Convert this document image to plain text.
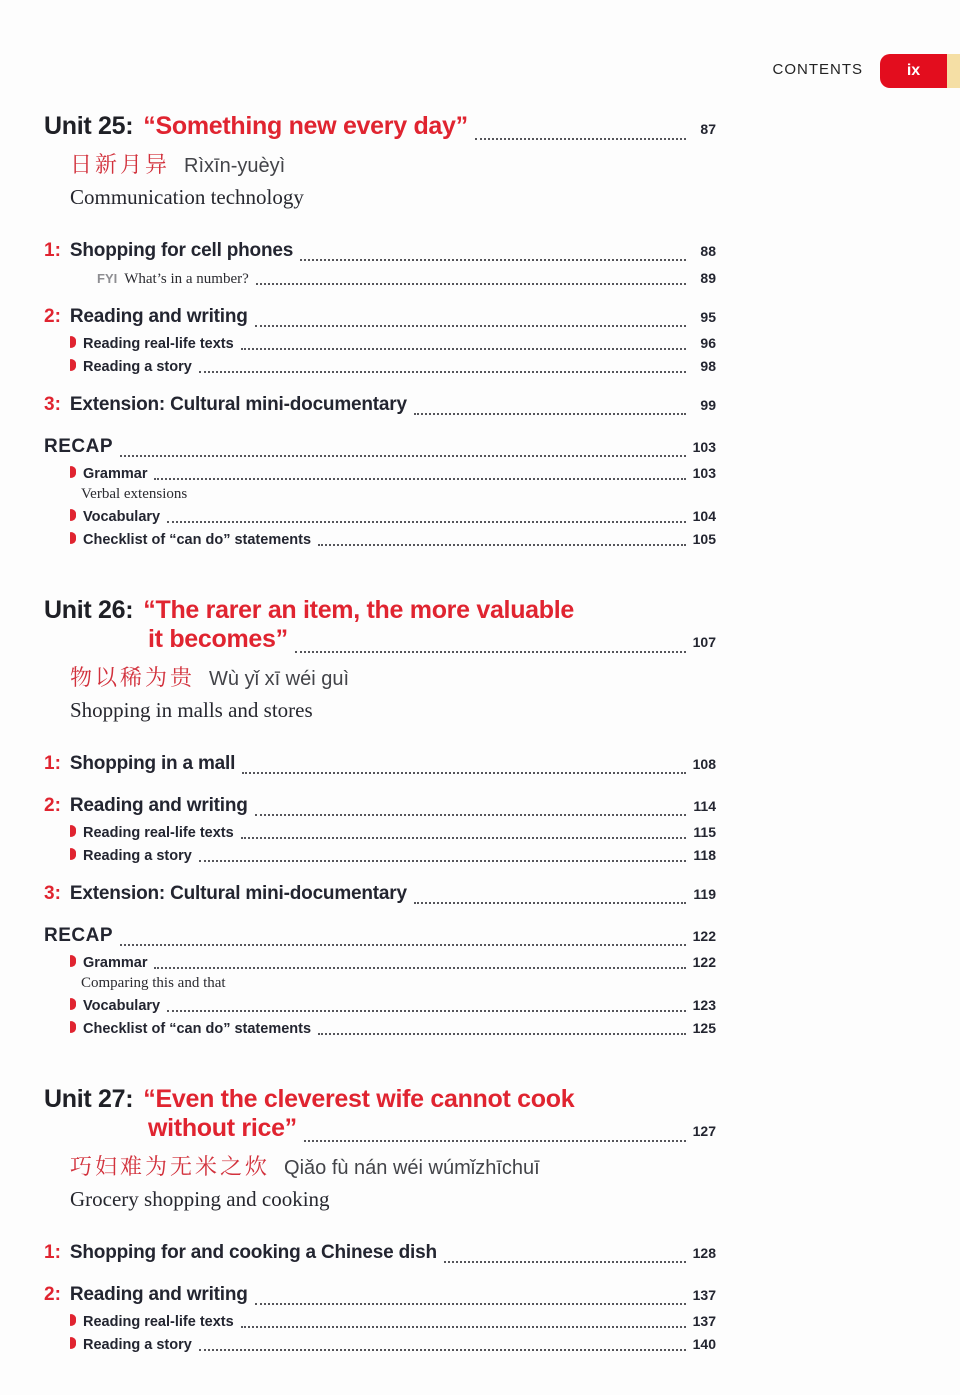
CONTENTS	ix
Unit 25: “Something new every day”	87
日新月异 Rìxīn-yuèyì
Communication technology
1: Shopping for cell phones	88
FYI What’s in a number?	89
2: Reading and writing	95
Reading real-life texts	96
Reading a story	98
3: Extension: Cultural mini-documentary	99
RECAP	103
Grammar	103
Verbal extensions
Vocabulary	104
Checklist of “can do” statements	105
Unit 26: “The rarer an item, the more valuable
it becomes”	107
物以稀为贵 Wù yǐ xī wéi guì
Shopping in malls and stores
1: Shopping in a mall	108
2: Reading and writing	114
Reading real-life texts	115
Reading a story	118
3: Extension: Cultural mini-documentary	119
RECAP	122
Grammar	122
Comparing this and that
Vocabulary	123
Checklist of “can do” statements	125
Unit 27: “Even the cleverest wife cannot cook
without rice”	127
巧妇难为无米之炊 Qiǎo fù nán wéi wúmǐzhīchuī
Grocery shopping and cooking
1: Shopping for and cooking a Chinese dish	128
2: Reading and writing	137
Reading real-life texts	137
Reading a story	140
